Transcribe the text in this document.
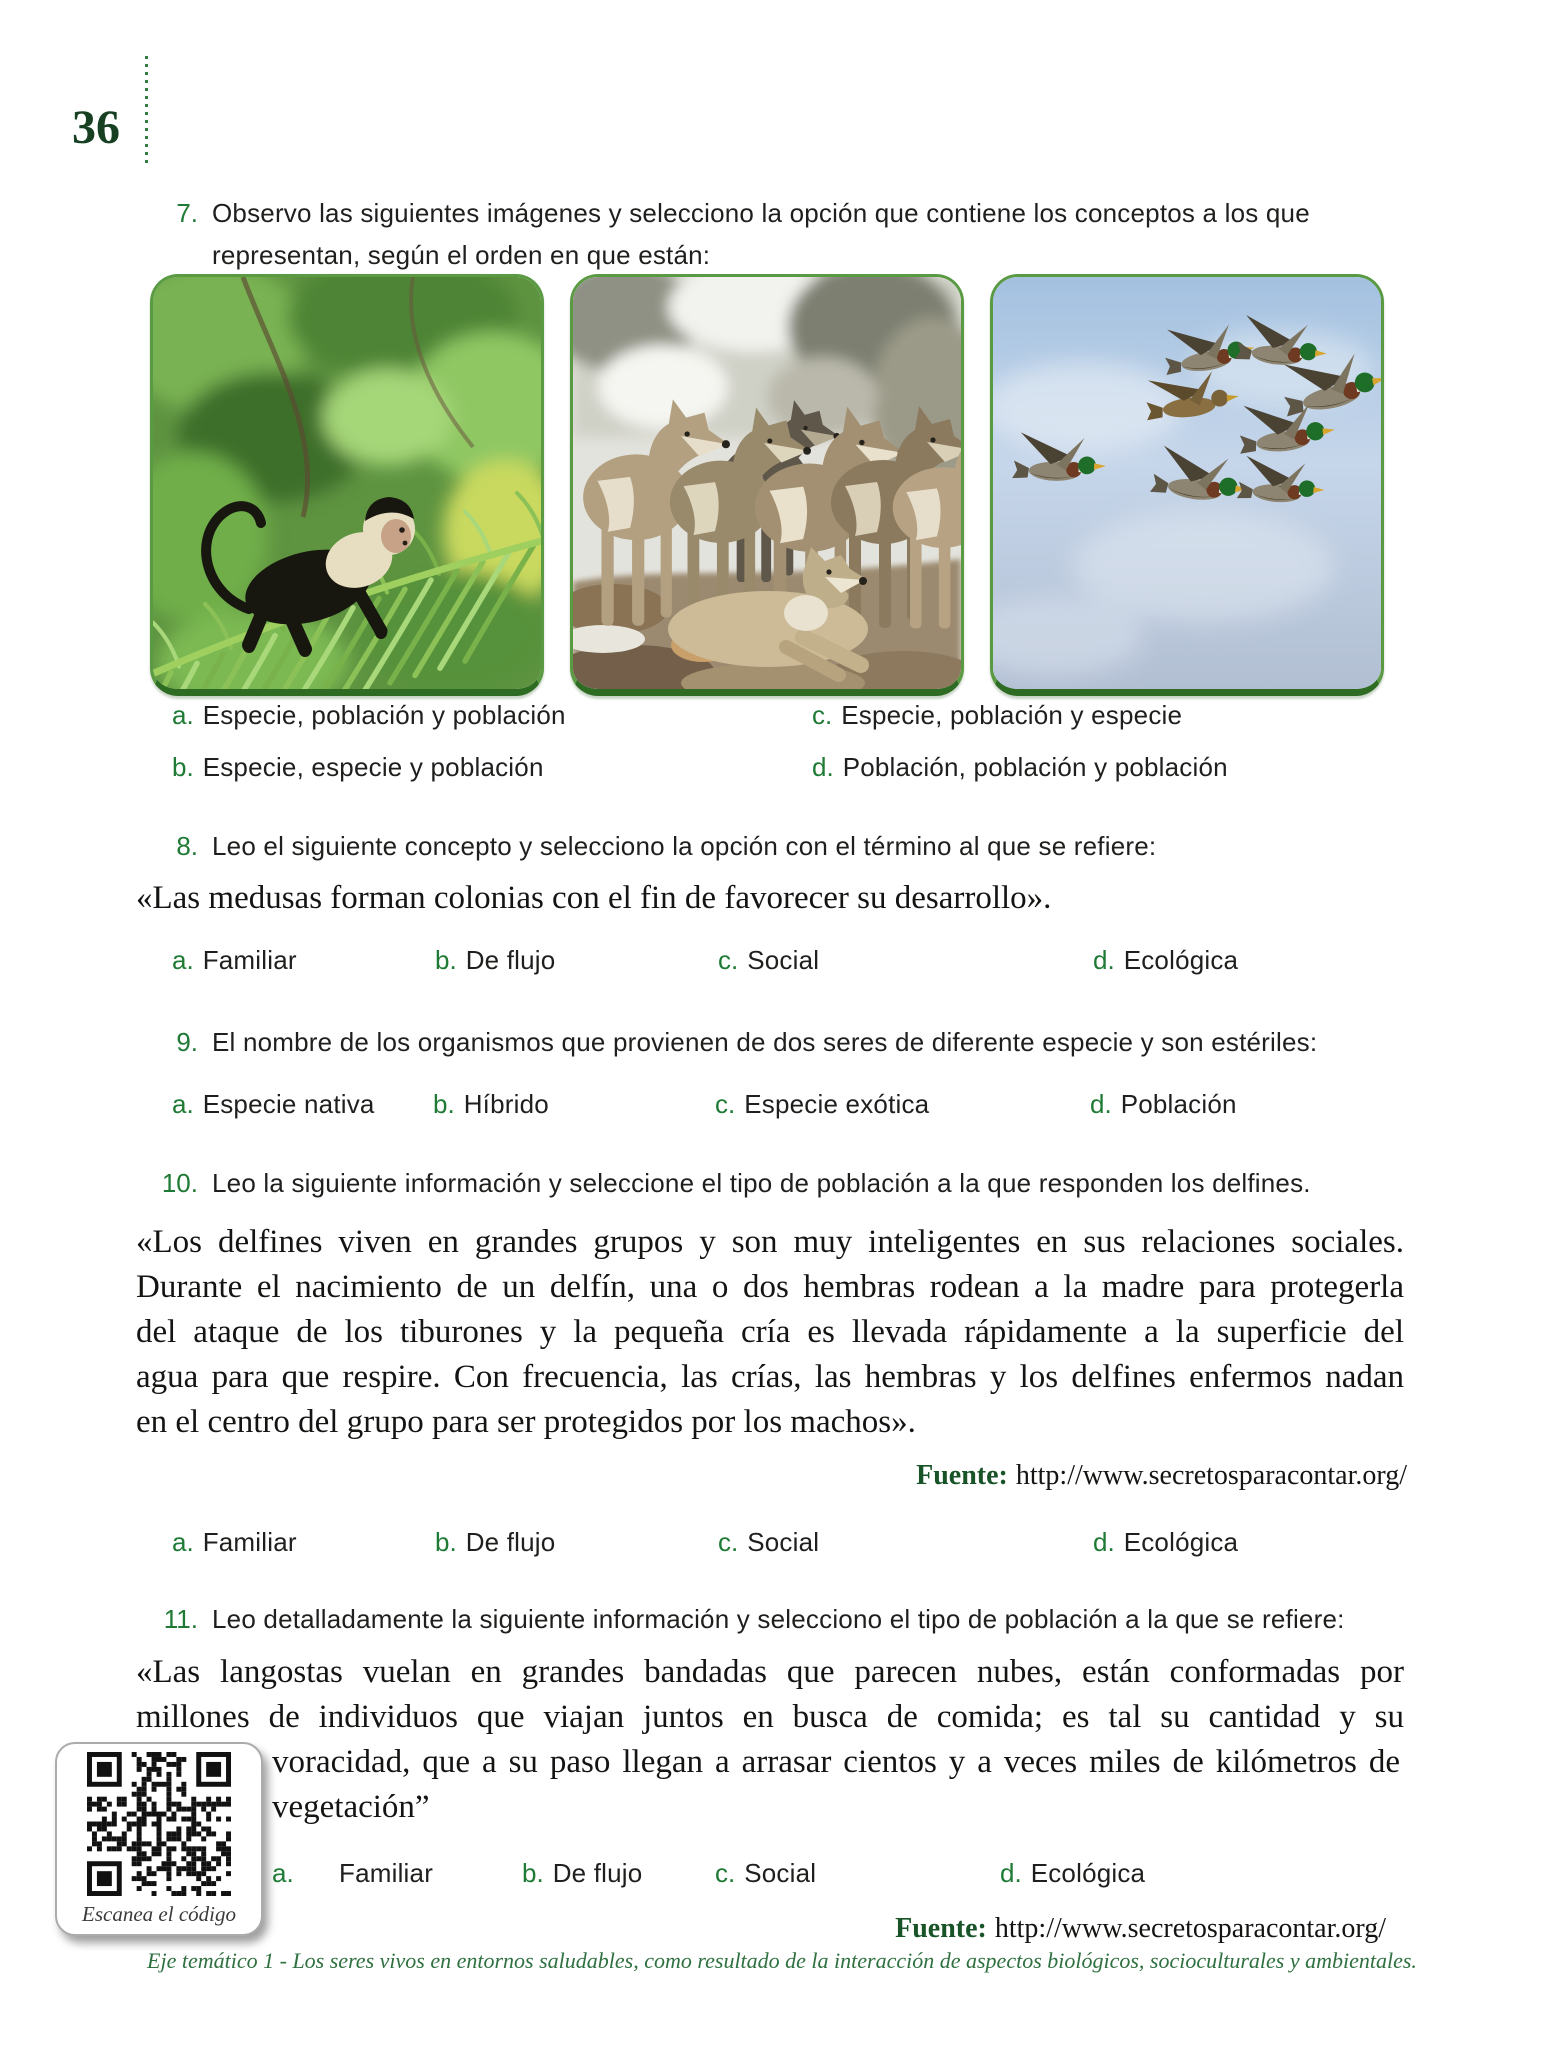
36
7. Observo las siguientes imágenes y selecciono la opción que contiene los conceptos a los que
representan, según el orden en que están:
a. Especie, población y población	c. Especie, población y especie
b. Especie, especie y población	d. Población, población y población
8. Leo el siguiente concepto y selecciono la opción con el término al que se refiere:
«Las medusas forman colonias con el fin de favorecer su desarrollo».
a. Familiar	b. De flujo	c. Social	d. Ecológica
9. El nombre de los organismos que provienen de dos seres de diferente especie y son estériles:
a. Especie nativa b. Híbrido	c. Especie exótica	d. Población
10. Leo la siguiente información y seleccione el tipo de población a la que responden los delfines.
«Los delfines viven en grandes grupos y son muy inteligentes en sus relaciones sociales.
Durante el nacimiento de un delfín, una o dos hembras rodean a la madre para protegerla
del ataque de los tiburones y la pequeña cría es llevada rápidamente a la superficie del
agua para que respire. Con frecuencia, las crías, las hembras y los delfines enfermos nadan
en el centro del grupo para ser protegidos por los machos».
Fuente: http://www.secretosparacontar.org/
a. Familiar	b. De flujo	c. Social	d. Ecológica
11. Leo detalladamente la siguiente información y selecciono el tipo de población a la que se refiere:
«Las langostas vuelan en grandes bandadas que parecen nubes, están conformadas por
millones de individuos que viajan juntos en busca de comida; es tal su cantidad y su
voracidad, que a su paso llegan a arrasar cientos y a veces miles de kilómetros de
vegetación”
Escanea el código
a.	Familiar	b. De flujo	c. Social	d. Ecológica
Fuente: http://www.secretosparacontar.org/
Eje temático 1 - Los seres vivos en entornos saludables, como resultado de la interacción de aspectos biológicos, socioculturales y ambientales.
